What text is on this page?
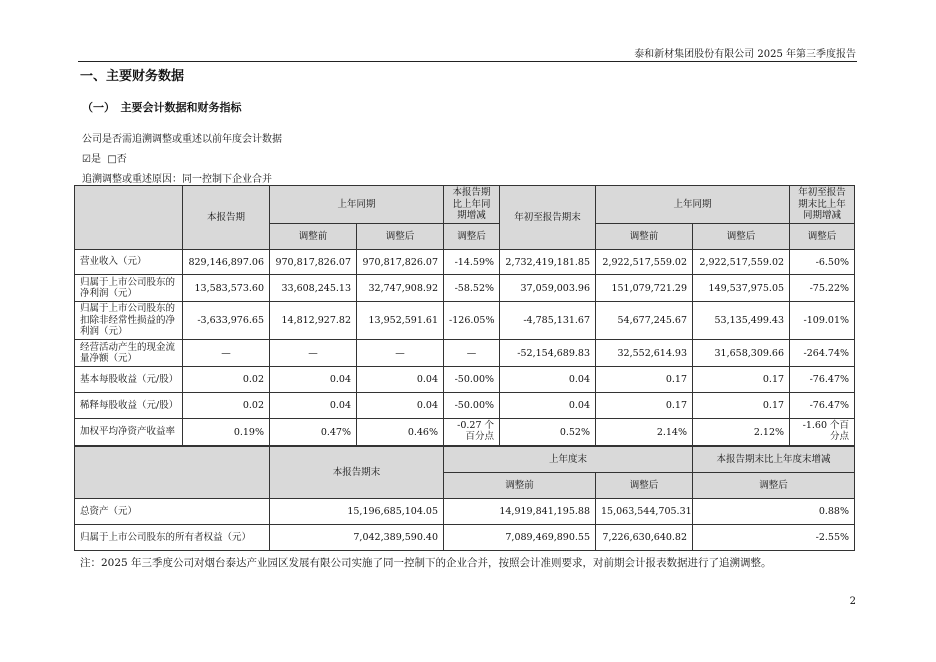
泰和新材集团股份有限公司 2025 年第三季度报告
一、主要财务数据
（一）　主要会计数据和财务指标
公司是否需追溯调整或重述以前年度会计数据
☑是 □否
追溯调整或重述原因：同一控制下企业合并
	本报告期	上年同期		本报告期比上年同期增减	年初至报告期末	上年同期		年初至报告期末比上年同期增减
		调整前	调整后	调整后		调整前	调整后	调整后
营业收入（元）	829,146,897.06	970,817,826.07	970,817,826.07	-14.59%	2,732,419,181.85	2,922,517,559.02	2,922,517,559.02	-6.50%
归属于上市公司股东的净利润（元）	13,583,573.60	33,608,245.13	32,747,908.92	-58.52%	37,059,003.96	151,079,721.29	149,537,975.05	-75.22%
归属于上市公司股东的扣除非经常性损益的净利润（元）	-3,633,976.65	14,812,927.82	13,952,591.61	-126.05%	-4,785,131.67	54,677,245.67	53,135,499.43	-109.01%
经营活动产生的现金流量净额（元）	—	—	—	—	-52,154,689.83	32,552,614.93	31,658,309.66	-264.74%
基本每股收益（元/股）	0.02	0.04	0.04	-50.00%	0.04	0.17	0.17	-76.47%
稀释每股收益（元/股）	0.02	0.04	0.04	-50.00%	0.04	0.17	0.17	-76.47%
加权平均净资产收益率	0.19%	0.47%	0.46%	-0.27 个百分点	0.52%	2.14%	2.12%	-1.60 个百分点
	本报告期末	上年度末		本报告期末比上年度末增减
		调整前	调整后	调整后
总资产（元）	15,196,685,104.05	14,919,841,195.88	15,063,544,705.31	0.88%
归属于上市公司股东的所有者权益（元）	7,042,389,590.40	7,089,469,890.55	7,226,630,640.82	-2.55%
注：2025 年三季度公司对烟台泰达产业园区发展有限公司实施了同一控制下的企业合并，按照会计准则要求，对前期会计报表数据进行了追溯调整。
2
